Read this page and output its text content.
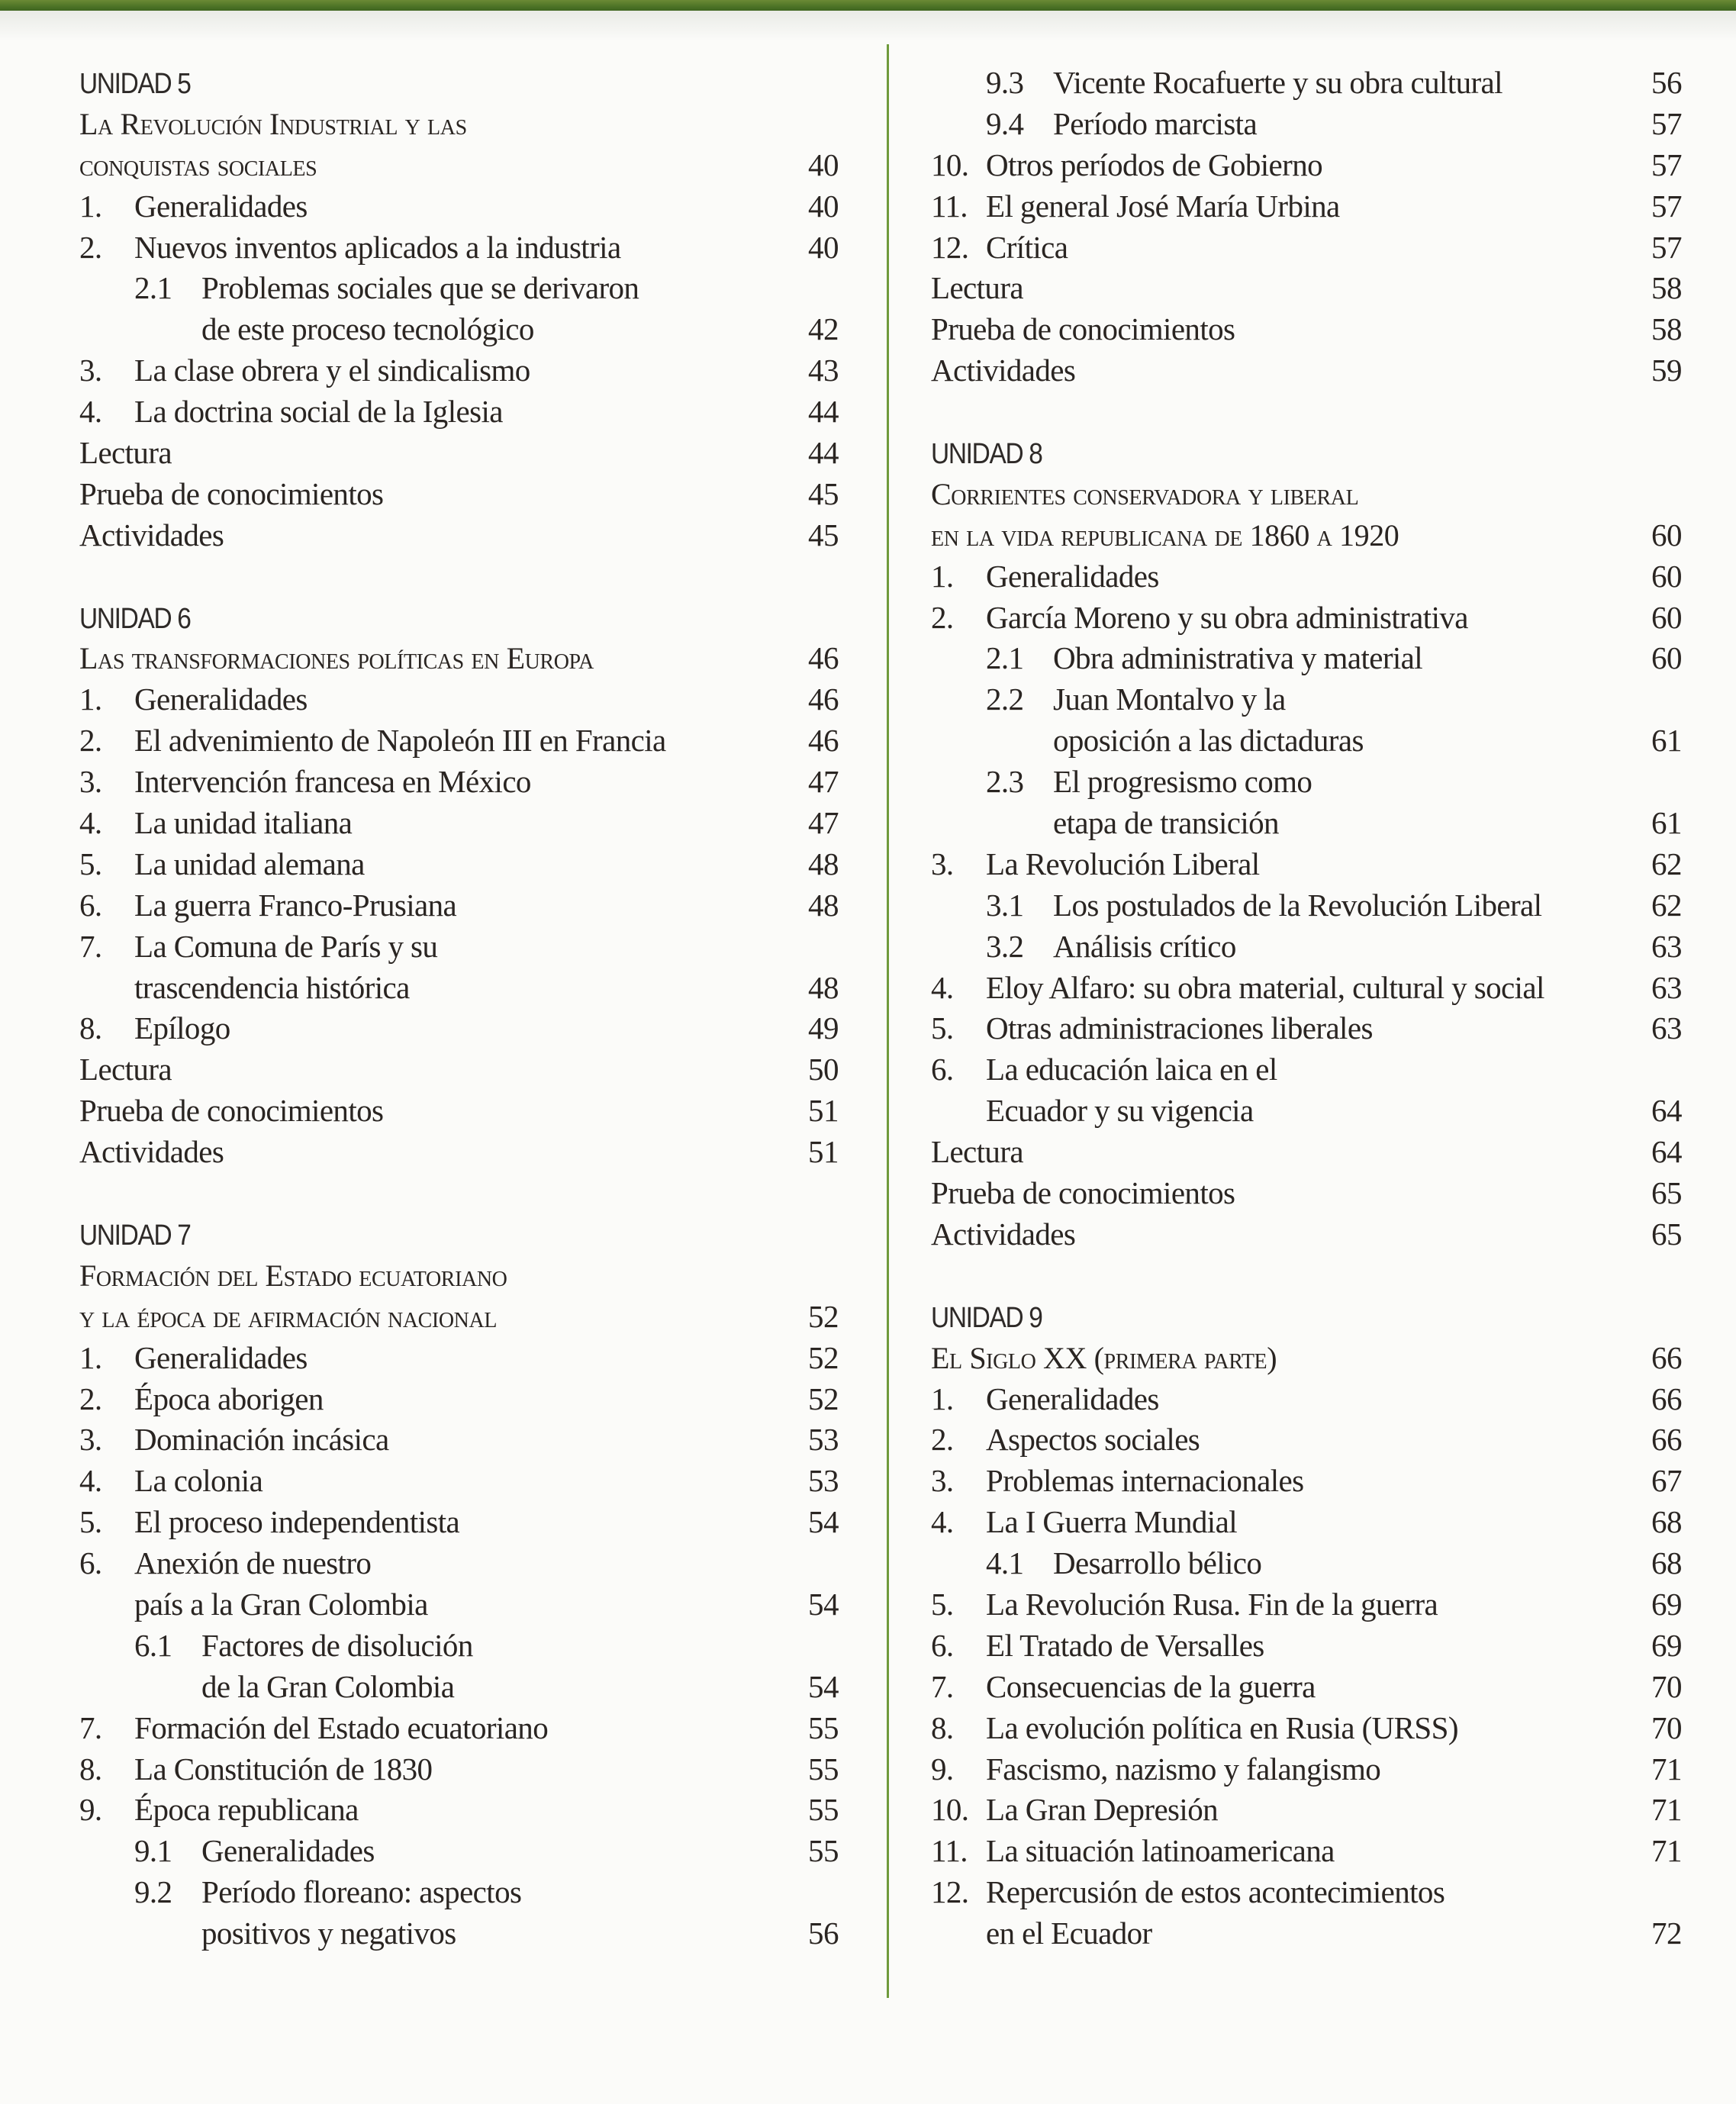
UNIDAD 5
La Revolución Industrial y las
conquistas sociales	40
1. Generalidades	40
2. Nuevos inventos aplicados a la industria	40
2.1 Problemas sociales que se derivaron
de este proceso tecnológico	42
3. La clase obrera y el sindicalismo	43
4. La doctrina social de la Iglesia	44
Lectura	44
Prueba de conocimientos	45
Actividades	45
UNIDAD 6
Las transformaciones políticas en Europa	46
1. Generalidades	46
2. El advenimiento de Napoleón III en Francia	46
3. Intervención francesa en México	47
4. La unidad italiana	47
5. La unidad alemana	48
6. La guerra Franco-Prusiana	48
7. La Comuna de París y su
trascendencia histórica	48
8. Epílogo	49
Lectura	50
Prueba de conocimientos	51
Actividades	51
UNIDAD 7
Formación del Estado ecuatoriano
y la época de afirmación nacional	52
1. Generalidades	52
2. Época aborigen	52
3. Dominación incásica	53
4. La colonia	53
5. El proceso independentista	54
6. Anexión de nuestro
país a la Gran Colombia	54
6.1 Factores de disolución
de la Gran Colombia	54
7. Formación del Estado ecuatoriano	55
8. La Constitución de 1830	55
9. Época republicana	55
9.1 Generalidades	55
9.2 Período floreano: aspectos
positivos y negativos	56
9.3 Vicente Rocafuerte y su obra cultural	56
9.4 Período marcista	57
10. Otros períodos de Gobierno	57
11. El general José María Urbina	57
12. Crítica	57
Lectura	58
Prueba de conocimientos	58
Actividades	59
UNIDAD 8
Corrientes conservadora y liberal
en la vida republicana de 1860 a 1920	60
1. Generalidades	60
2. García Moreno y su obra administrativa	60
2.1 Obra administrativa y material	60
2.2 Juan Montalvo y la
oposición a las dictaduras	61
2.3 El progresismo como
etapa de transición	61
3. La Revolución Liberal	62
3.1 Los postulados de la Revolución Liberal	62
3.2 Análisis crítico	63
4. Eloy Alfaro: su obra material, cultural y social	63
5. Otras administraciones liberales	63
6. La educación laica en el
Ecuador y su vigencia	64
Lectura	64
Prueba de conocimientos	65
Actividades	65
UNIDAD 9
El Siglo XX (primera parte)	66
1. Generalidades	66
2. Aspectos sociales	66
3. Problemas internacionales	67
4. La I Guerra Mundial	68
4.1 Desarrollo bélico	68
5. La Revolución Rusa. Fin de la guerra	69
6. El Tratado de Versalles	69
7. Consecuencias de la guerra	70
8. La evolución política en Rusia (URSS)	70
9. Fascismo, nazismo y falangismo	71
10. La Gran Depresión	71
11. La situación latinoamericana	71
12. Repercusión de estos acontecimientos
en el Ecuador	72
